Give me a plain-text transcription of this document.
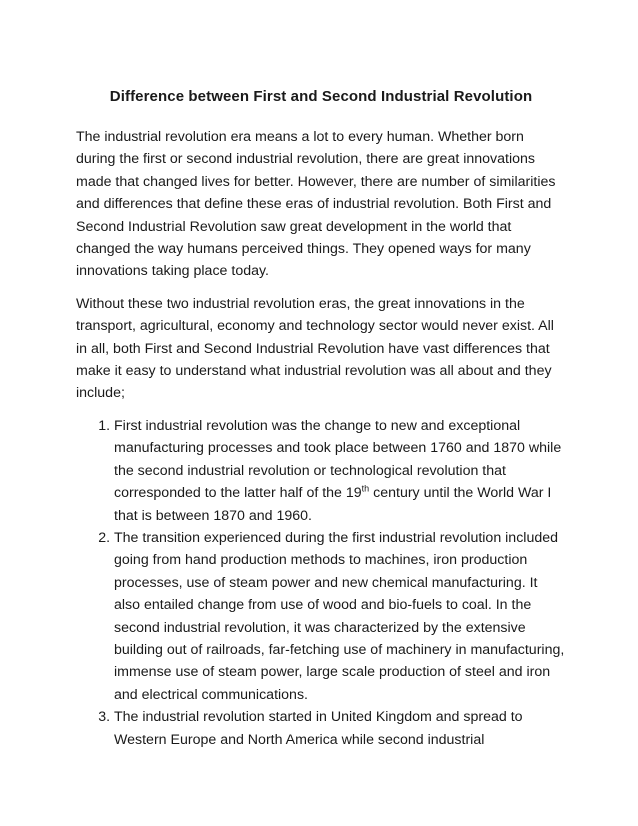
Difference between First and Second Industrial Revolution

The industrial revolution era means a lot to every human. Whether born during the first or second industrial revolution, there are great innovations made that changed lives for better. However, there are number of similarities and differences that define these eras of industrial revolution. Both First and Second Industrial Revolution saw great development in the world that changed the way humans perceived things. They opened ways for many innovations taking place today.

Without these two industrial revolution eras, the great innovations in the transport, agricultural, economy and technology sector would never exist. All in all, both First and Second Industrial Revolution have vast differences that make it easy to understand what industrial revolution was all about and they include;

1. First industrial revolution was the change to new and exceptional manufacturing processes and took place between 1760 and 1870 while the second industrial revolution or technological revolution that corresponded to the latter half of the 19th century until the World War I that is between 1870 and 1960.
2. The transition experienced during the first industrial revolution included going from hand production methods to machines, iron production processes, use of steam power and new chemical manufacturing. It also entailed change from use of wood and bio-fuels to coal. In the second industrial revolution, it was characterized by the extensive building out of railroads, far-fetching use of machinery in manufacturing, immense use of steam power, large scale production of steel and iron and electrical communications.
3. The industrial revolution started in United Kingdom and spread to Western Europe and North America while second industrial
